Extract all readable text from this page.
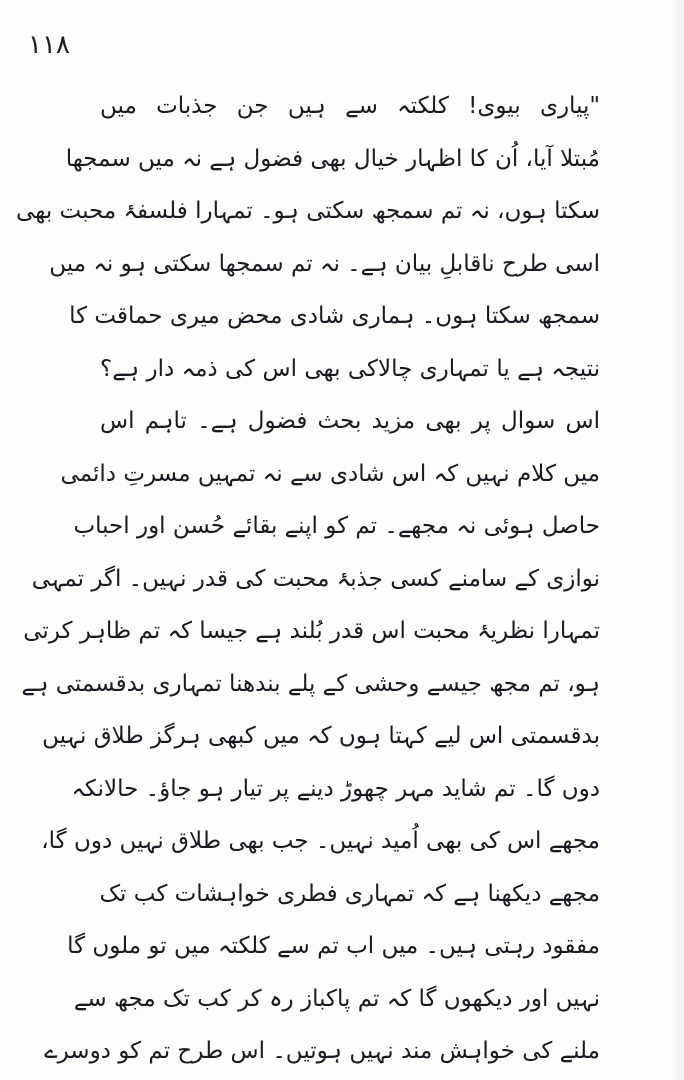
۱۱۸
"پیاری بیوی! کلکتہ سے ہیں جن جذبات میں
مُبتلا آیا، اُن کا اظہار خیال بھی فضول ہے نہ میں سمجھا
سکتا ہوں، نہ تم سمجھ سکتی ہو۔ تمہارا فلسفۂ محبت بھی
اسی طرح ناقابلِ بیان ہے۔ نہ تم سمجھا سکتی ہو نہ میں
سمجھ سکتا ہوں۔ ہماری شادی محض میری حماقت کا
نتیجہ ہے یا تمہاری چالاکی بھی اس کی ذمہ دار ہے؟
اس سوال پر بھی مزید بحث فضول ہے۔ تاہم اس
میں کلام نہیں کہ اس شادی سے نہ تمہیں مسرتِ دائمی
حاصل ہوئی نہ مجھے۔ تم کو اپنے بقائے حُسن اور احباب
نوازی کے سامنے کسی جذبۂ محبت کی قدر نہیں۔ اگر تمہی
تمہارا نظریۂ محبت اس قدر بُلند ہے جیسا کہ تم ظاہر کرتی
ہو، تم مجھ جیسے وحشی کے پلے بندھنا تمہاری بدقسمتی ہے
بدقسمتی اس لیے کہتا ہوں کہ میں کبھی ہرگز طلاق نہیں
دوں گا۔ تم شاید مہر چھوڑ دینے پر تیار ہو جاؤ۔ حالانکہ
مجھے اس کی بھی اُمید نہیں۔ جب بھی طلاق نہیں دوں گا،
مجھے دیکھنا ہے کہ تمہاری فطری خواہشات کب تک
مفقود رہتی ہیں۔ میں اب تم سے کلکتہ میں تو ملوں گا
نہیں اور دیکھوں گا کہ تم پاکباز رہ کر کب تک مجھ سے
ملنے کی خواہش مند نہیں ہوتیں۔ اس طرح تم کو دوسرے
